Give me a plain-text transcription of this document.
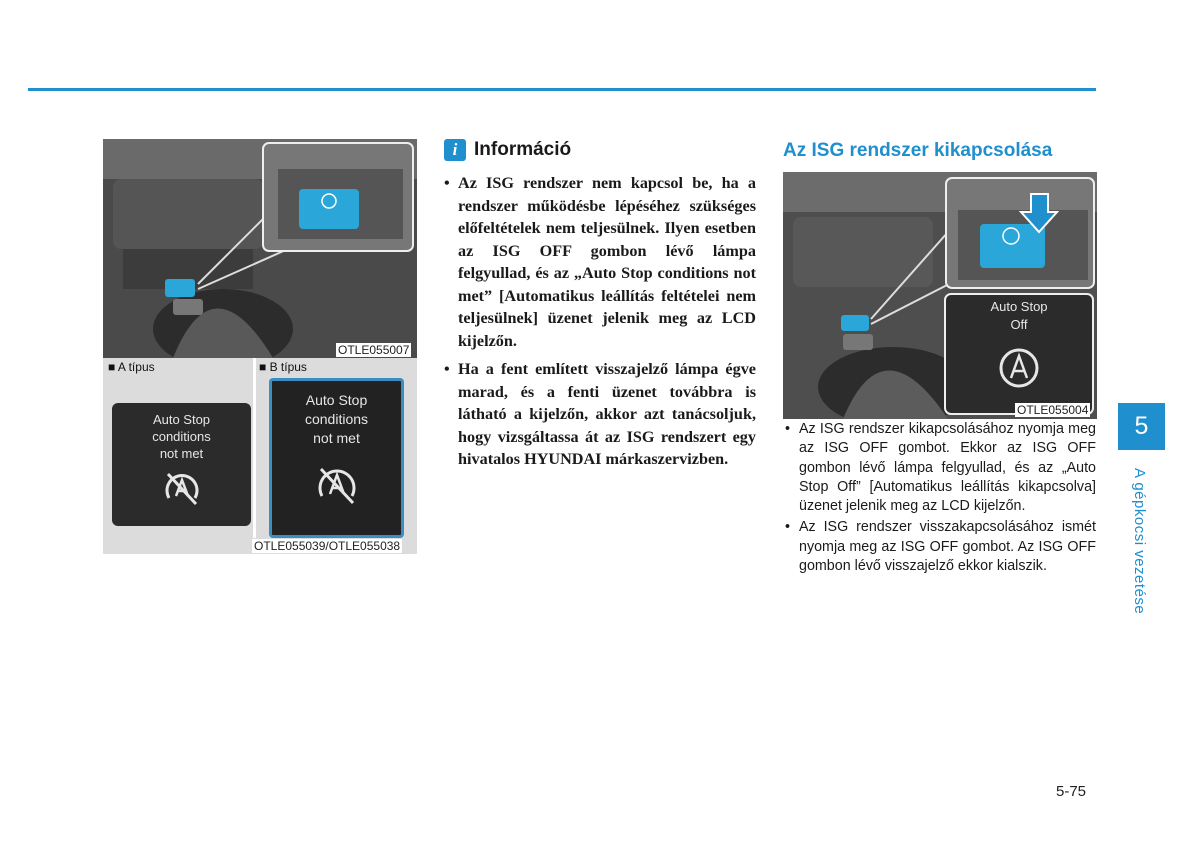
OTLE055007
■ A típus	■ B típus
Auto Stop
conditions
not met
Auto Stop
conditions
not met
OTLE055039/OTLE055038
i Információ
• Az ISG rendszer nem kapcsol be, ha a rendszer működésbe lépéséhez szükséges előfeltételek nem teljesülnek. Ilyen esetben az ISG OFF gombon lévő lámpa felgyullad, és az „Auto Stop conditions not met” [Automatikus leállítás feltételei nem teljesülnek] üzenet jelenik meg az LCD kijelzőn.
• Ha a fent említett visszajelző lámpa égve marad, és a fenti üzenet továbbra is látható a kijelzőn, akkor azt tanácsoljuk, hogy vizsgáltassa át az ISG rendszert egy hivatalos HYUNDAI márkaszervizben.
Az ISG rendszer kikapcsolása
Auto Stop
Off
OTLE055004
• Az ISG rendszer kikapcsolásához nyomja meg az ISG OFF gombot. Ekkor az ISG OFF gombon lévő lámpa felgyullad, és az „Auto Stop Off” [Automatikus leállítás kikapcsolva] üzenet jelenik meg az LCD kijelzőn.
• Az ISG rendszer visszakapcsolásához ismét nyomja meg az ISG OFF gombot. Az ISG OFF gombon lévő visszajelző ekkor kialszik.
5
A gépkocsi vezetése
5-75
